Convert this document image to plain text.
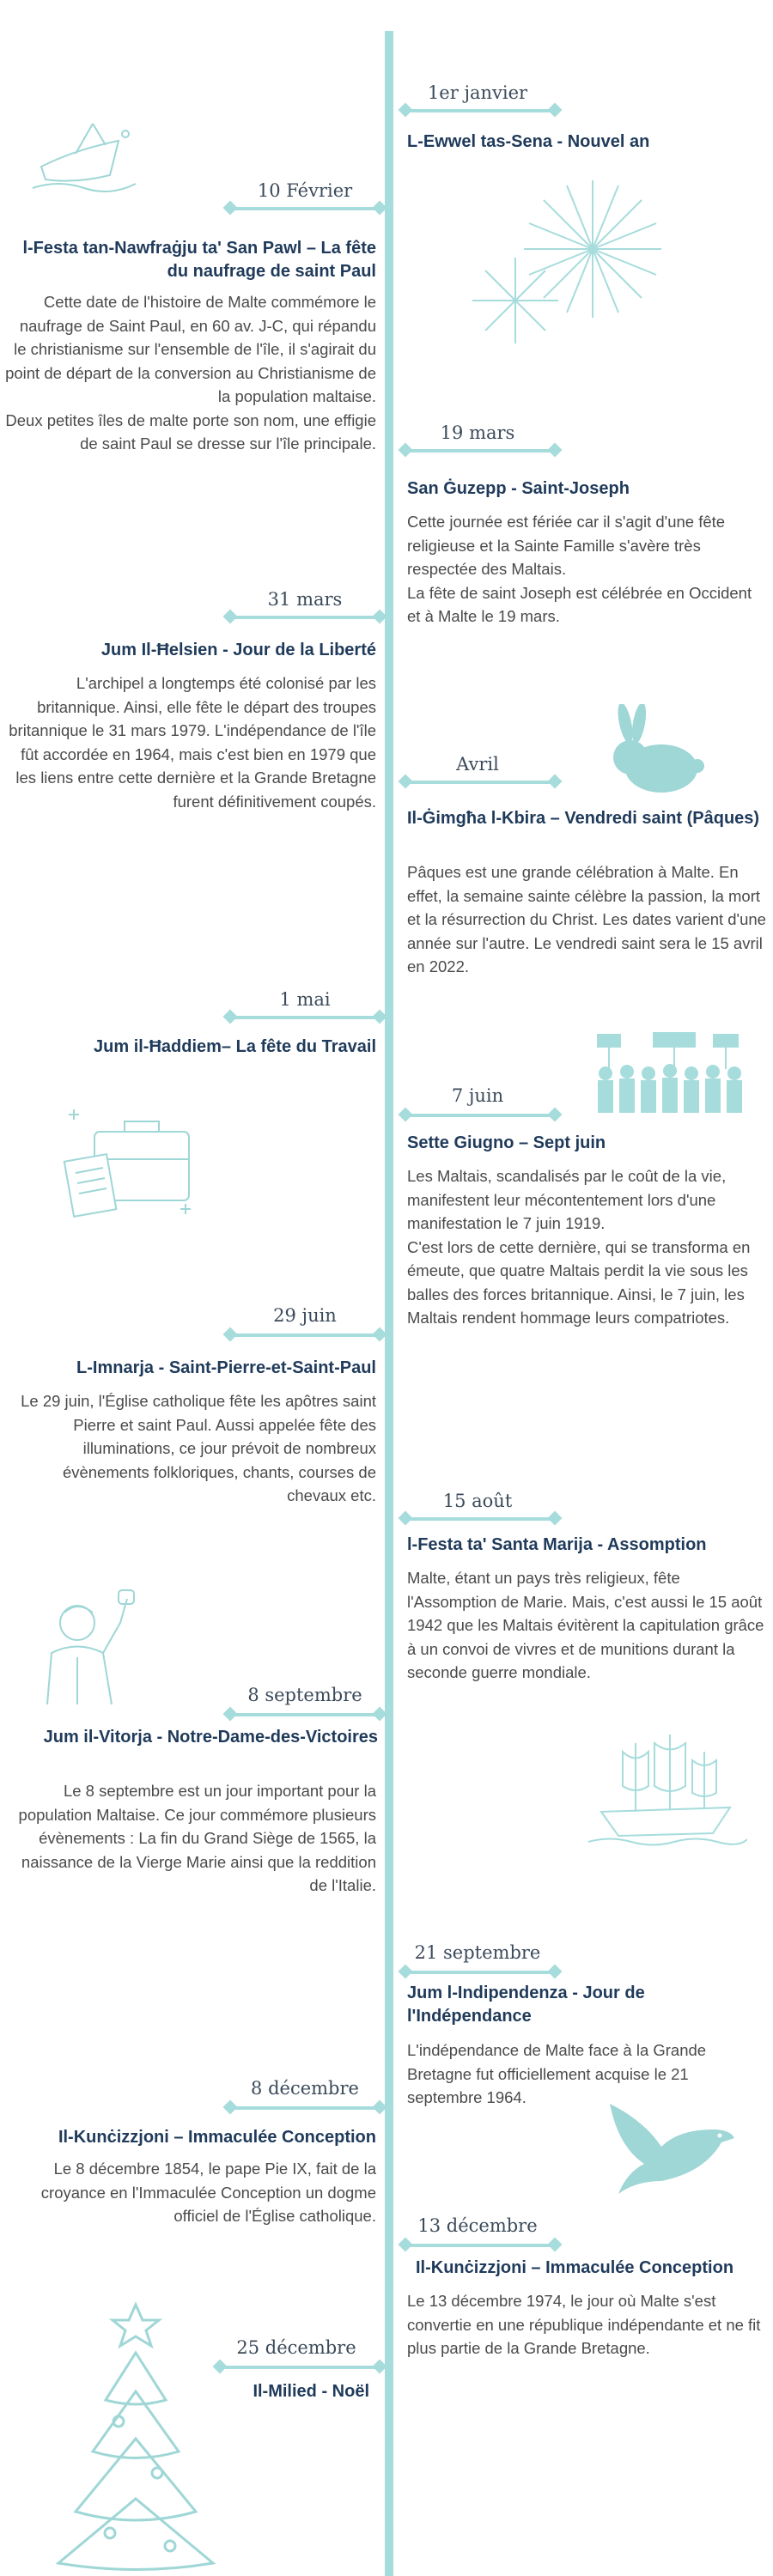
1er janvier
L-Ewwel tas-Sena - Nouvel an
10 Février
l-Festa tan-Nawfraġju ta' San Pawl – La fête du naufrage de saint Paul
Cette date de l'histoire de Malte commémore le naufrage de Saint Paul, en 60 av. J-C, qui répandu le christianisme sur l'ensemble de l'île, il s'agirait du point de départ de la conversion au Christianisme de la population maltaise.
Deux petites îles de malte porte son nom, une effigie de saint Paul se dresse sur l'île principale.
19 mars
San Ġuzepp - Saint-Joseph
Cette journée est fériée car il s'agit d'une fête religieuse et la Sainte Famille s'avère très respectée des Maltais.
La fête de saint Joseph est célébrée en Occident et à Malte le 19 mars.
31 mars
Jum Il-Ħelsien - Jour de la Liberté
L'archipel a longtemps été colonisé par les britannique. Ainsi, elle fête le départ des troupes britannique le 31 mars 1979. L'indépendance de l'île fût accordée en 1964, mais c'est bien en 1979 que les liens entre cette dernière et la Grande Bretagne furent définitivement coupés.
Avril
Il-Ġimgħa l-Kbira – Vendredi saint (Pâques)
Pâques est une grande célébration à Malte. En effet, la semaine sainte célèbre la passion, la mort et la résurrection du Christ. Les dates varient d'une année sur l'autre. Le vendredi saint sera le 15 avril en 2022.
1 mai
Jum il-Ħaddiem– La fête du Travail
7 juin
Sette Giugno – Sept juin
Les Maltais, scandalisés par le coût de la vie, manifestent leur mécontentement lors d'une manifestation le 7 juin 1919.
C'est lors de cette dernière, qui se transforma en émeute, que quatre Maltais perdit la vie sous les balles des forces britannique. Ainsi, le 7 juin, les Maltais rendent hommage leurs compatriotes.
29 juin
L-Imnarja - Saint-Pierre-et-Saint-Paul
Le 29 juin, l'Église catholique fête les apôtres saint Pierre et saint Paul. Aussi appelée fête des illuminations, ce jour prévoit de nombreux évènements folkloriques, chants, courses de chevaux etc.	15 août
l-Festa ta' Santa Marija - Assomption
Malte, étant un pays très religieux, fête l'Assomption de Marie. Mais, c'est aussi le 15 août 1942 que les Maltais évitèrent la capitulation grâce à un convoi de vivres et de munitions durant la seconde guerre mondiale.
8 septembre
Jum il-Vitorja - Notre-Dame-des-Victoires
Le 8 septembre est un jour important pour la population Maltaise. Ce jour commémore plusieurs évènements : La fin du Grand Siège de 1565, la naissance de la Vierge Marie ainsi que la reddition de l'Italie.
21 septembre
Jum l-Indipendenza - Jour de l'Indépendance
L'indépendance de Malte face à la Grande Bretagne fut officiellement acquise le 21 septembre 1964.
8 décembre
Il-Kunċizzjoni – Immaculée Conception
Le 8 décembre 1854, le pape Pie IX, fait de la croyance en l'Immaculée Conception un dogme officiel de l'Église catholique.	13 décembre
Il-Kunċizzjoni – Immaculée Conception
Le 13 décembre 1974, le jour où Malte s'est convertie en une république indépendante et ne fit plus partie de la Grande Bretagne.
25 décembre
Il-Milied - Noël
